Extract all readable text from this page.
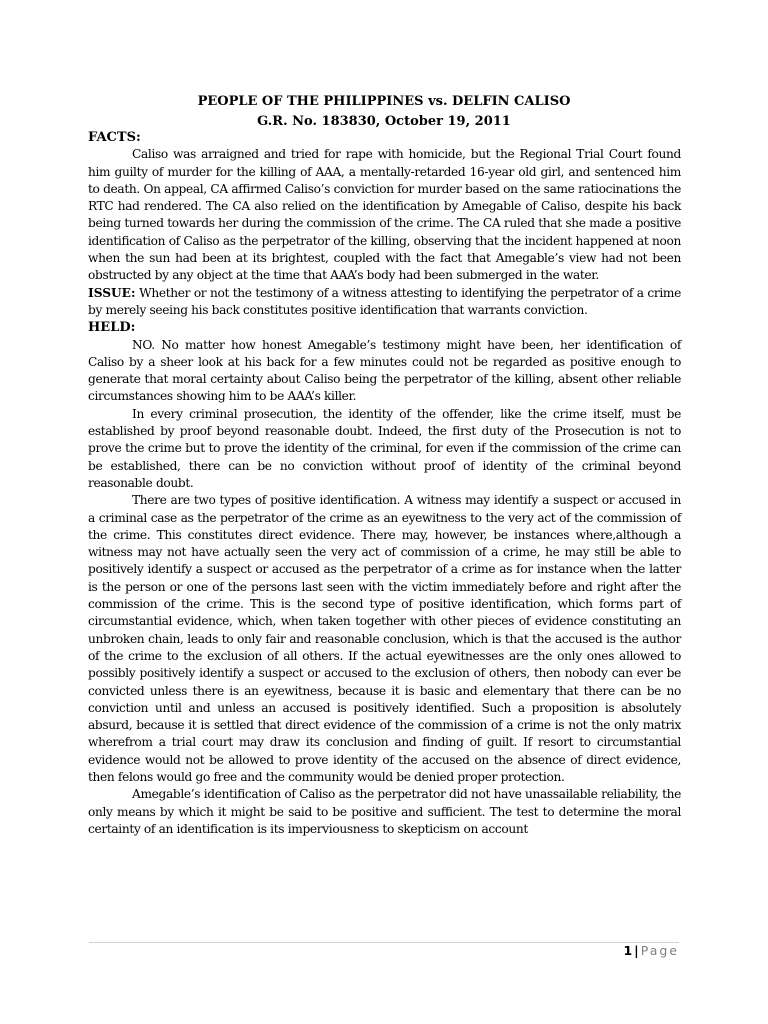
PEOPLE OF THE PHILIPPINES vs. DELFIN CALISO
G.R. No. 183830, October 19, 2011
FACTS:

Caliso was arraigned and tried for rape with homicide, but the Regional Trial Court found him guilty of murder for the killing of AAA, a mentally-retarded 16-year old girl, and sentenced him to death. On appeal, CA affirmed Caliso’s conviction for murder based on the same ratiocinations the RTC had rendered. The CA also relied on the identification by Amegable of Caliso, despite his back being turned towards her during the commission of the crime. The CA ruled that she made a positive identification of Caliso as the perpetrator of the killing, observing that the incident happened at noon when the sun had been at its brightest, coupled with the fact that Amegable’s view had not been obstructed by any object at the time that AAA’s body had been submerged in the water.

ISSUE: Whether or not the testimony of a witness attesting to identifying the perpetrator of a crime by merely seeing his back constitutes positive identification that warrants conviction.

HELD:

NO. No matter how honest Amegable’s testimony might have been, her identification of Caliso by a sheer look at his back for a few minutes could not be regarded as positive enough to generate that moral certainty about Caliso being the perpetrator of the killing, absent other reliable circumstances showing him to be AAA’s killer.

In every criminal prosecution, the identity of the offender, like the crime itself, must be established by proof beyond reasonable doubt. Indeed, the first duty of the Prosecution is not to prove the crime but to prove the identity of the criminal, for even if the commission of the crime can be established, there can be no conviction without proof of identity of the criminal beyond reasonable doubt.

There are two types of positive identification. A witness may identify a suspect or accused in a criminal case as the perpetrator of the crime as an eyewitness to the very act of the commission of the crime. This constitutes direct evidence. There may, however, be instances where,although a witness may not have actually seen the very act of commission of a crime, he may still be able to positively identify a suspect or accused as the perpetrator of a crime as for instance when the latter is the person or one of the persons last seen with the victim immediately before and right after the commission of the crime. This is the second type of positive identification, which forms part of circumstantial evidence, which, when taken together with other pieces of evidence constituting an unbroken chain, leads to only fair and reasonable conclusion, which is that the accused is the author of the crime to the exclusion of all others. If the actual eyewitnesses are the only ones allowed to possibly positively identify a suspect or accused to the exclusion of others, then nobody can ever be convicted unless there is an eyewitness, because it is basic and elementary that there can be no conviction until and unless an accused is positively identified. Such a proposition is absolutely absurd, because it is settled that direct evidence of the commission of a crime is not the only matrix wherefrom a trial court may draw its conclusion and finding of guilt. If resort to circumstantial evidence would not be allowed to prove identity of the accused on the absence of direct evidence, then felons would go free and the community would be denied proper protection.

Amegable’s identification of Caliso as the perpetrator did not have unassailable reliability, the only means by which it might be said to be positive and sufficient. The test to determine the moral certainty of an identification is its imperviousness to skepticism on account

1 | Page
